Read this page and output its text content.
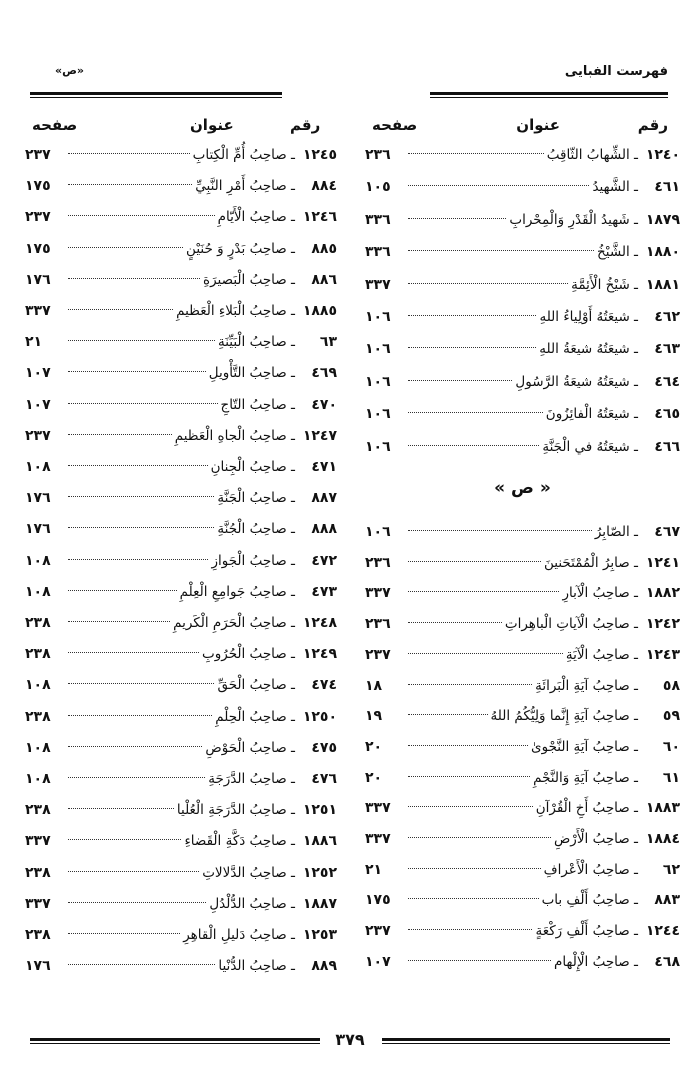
فهرست الفبايى
«ص»
رقم
عنوان
صفحه
رقم
عنوان
صفحه
« ص »
١٢٤٠
ـ الشِّهابُ الثّاقِبُ
٢٣٦
٤٦١
ـ الشَّهيدُ
١٠٥
١٨٧٩
ـ شَهيدُ الْقَدْرِ وَالْمِحْرابِ
٣٣٦
١٨٨٠
ـ الشَّيْخُ
٣٣٦
١٨٨١
ـ شَيْخُ الْأَئِمَّةِ
٣٣٧
٤٦٢
ـ شيعَتُهُ أَوْلِياءُ اللهِ
١٠٦
٤٦٣
ـ شيعَتُهُ شيعَةُ اللهِ
١٠٦
٤٦٤
ـ شيعَتُهُ شيعَةُ الرَّسُولِ
١٠٦
٤٦٥
ـ شيعَتُهُ الْفائِزُونَ
١٠٦
٤٦٦
ـ شيعَتُهُ في الْجَنَّةِ
١٠٦
٤٦٧
ـ الصّابِرُ
١٠٦
١٢٤١
ـ صابِرُ الْمُمْتَحَنينَ
٢٣٦
١٨٨٢
ـ صاحِبُ الْآبارِ
٣٣٧
١٢٤٢
ـ صاحِبُ الْآياتِ الْباهِراتِ
٢٣٦
١٢٤٣
ـ صاحِبُ الْآيَةِ
٢٣٧
٥٨
ـ صاحِبُ آيَةِ الْبَرائَةِ
١٨
٥٩
ـ صاحِبُ آيَةِ إِنَّما وَلِيُّكُمُ اللهُ
١٩
٦٠
ـ صاحِبُ آيَةِ النَّجْوىٰ
٢٠
٦١
ـ صاحِبُ آيَةِ وَالنَّجْمِ
٢٠
١٨٨٣
ـ صاحِبُ أَخِ الْقُرْآنِ
٣٣٧
١٨٨٤
ـ صاحِبُ الْأَرْضِ
٣٣٧
٦٢
ـ صاحِبُ الْأَعْرافِ
٢١
٨٨٣
ـ صاحِبُ أَلْفِ باب
١٧٥
١٢٤٤
ـ صاحِبُ أَلْفِ رَكْعَةٍ
٢٣٧
٤٦٨
ـ صاحِبُ الْإِلْهام
١٠٧
١٢٤٥
ـ صاحِبُ أُمِّ الْكِتابِ
٢٣٧
٨٨٤
ـ صاحِبُ أَمْرِ النَّبِيِّ
١٧٥
١٢٤٦
ـ صاحِبُ الْأَيّامِ
٢٣٧
٨٨٥
ـ صاحِبُ بَدْرٍ وَ حُنَيْنٍ
١٧٥
٨٨٦
ـ صاحِبُ الْبَصيرَةِ
١٧٦
١٨٨٥
ـ صاحِبُ الْبَلاءِ الْعَظيمِ
٣٣٧
٦٣
ـ صاحِبُ الْبَيِّنَةِ
٢١
٤٦٩
ـ صاحِبُ التَّأْويلِ
١٠٧
٤٧٠
ـ صاحِبُ التّاجِ
١٠٧
١٢٤٧
ـ صاحِبُ الْجاهِ الْعَظيمِ
٢٣٧
٤٧١
ـ صاحِبُ الْجِنانِ
١٠٨
٨٨٧
ـ صاحِبُ الْجَنَّةِ
١٧٦
٨٨٨
ـ صاحِبُ الْجُنَّةِ
١٧٦
٤٧٢
ـ صاحِبُ الْجَوازِ
١٠٨
٤٧٣
ـ صاحِبُ جَوامِعِ الْعِلْمِ
١٠٨
١٢٤٨
ـ صاحِبُ الْحَرَمِ الْكَريمِ
٢٣٨
١٢٤٩
ـ صاحِبُ الْحُرُوبِ
٢٣٨
٤٧٤
ـ صاحِبُ الْحَقِّ
١٠٨
١٢٥٠
ـ صاحِبُ الْحِلْمِ
٢٣٨
٤٧٥
ـ صاحِبُ الْحَوْضِ
١٠٨
٤٧٦
ـ صاحِبُ الدَّرَجَةِ
١٠٨
١٢٥١
ـ صاحِبُ الدَّرَجَةِ الْعُلْيا
٢٣٨
١٨٨٦
ـ صاحِبُ دَكَّةِ الْقَضاءِ
٣٣٧
١٢٥٢
ـ صاحِبُ الدَّلالاتِ
٢٣٨
١٨٨٧
ـ صاحِبُ الدُّلْدُلِ
٣٣٧
١٢٥٣
ـ صاحِبُ دَليلِ الْقاهِرِ
٢٣٨
٨٨٩
ـ صاحِبُ الدُّنْيا
١٧٦
٣٧٩
